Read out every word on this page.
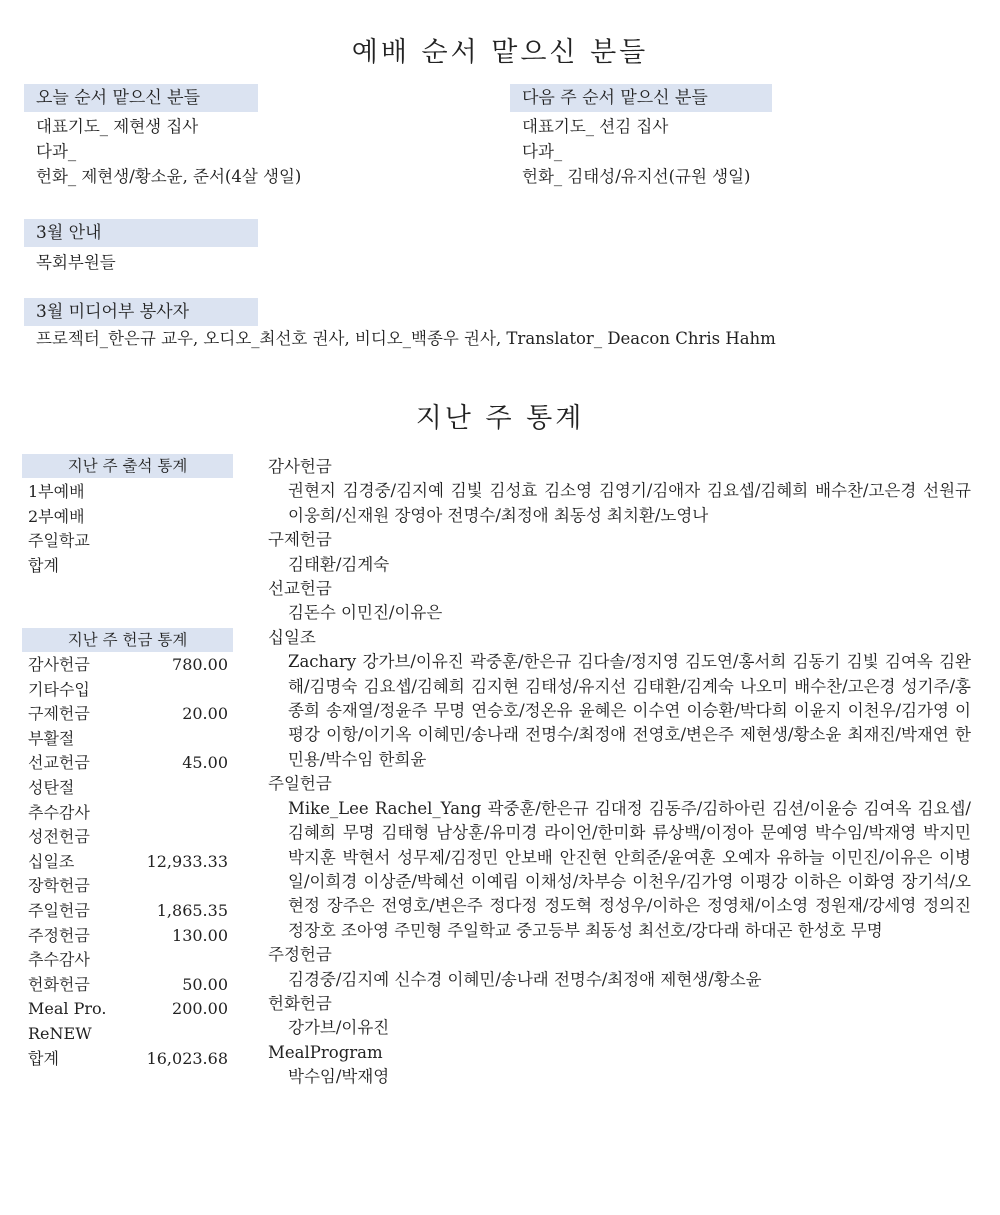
예배 순서 맡으신 분들
오늘 순서 맡으신 분들
대표기도_ 제현생 집사
다과_
헌화_ 제현생/황소윤, 준서(4살 생일)
다음 주 순서 맡으신 분들
대표기도_ 션김 집사
다과_
헌화_ 김태성/유지선(규원 생일)
3월 안내
목회부원들
3월 미디어부 봉사자
프로젝터_한은규 교우, 오디오_최선호 권사, 비디오_백종우 권사, Translator_ Deacon Chris Hahm
지난 주 통계
지난 주 출석 통계
1부예배
2부예배
주일학교
합계
지난 주 헌금 통계
감사헌금	780.00
기타수입	
구제헌금	20.00
부활절	
선교헌금	45.00
성탄절	
추수감사	
성전헌금	
십일조	12,933.33
장학헌금	
주일헌금	1,865.35
주정헌금	130.00
추수감사	
헌화헌금	50.00
Meal Pro.	200.00
ReNEW	
합계	16,023.68
감사헌금
권현지 김경중/김지예 김빛 김성효 김소영 김영기/김애자 김요셉/김혜희 배수찬/고은경 선원규 이웅희/신재원 장영아 전명수/최정애 최동성 최치환/노영나
구제헌금
김태환/김계숙
선교헌금
김돈수 이민진/이유은
십일조
Zachary 강가브/이유진 곽중훈/한은규 김다솔/정지영 김도연/홍서희 김동기 김빛 김여옥 김완해/김명숙 김요셉/김혜희 김지현 김태성/유지선 김태환/김계숙 나오미 배수찬/고은경 성기주/홍종희 송재열/정윤주 무명 연승호/정온유 윤혜은 이수연 이승환/박다희 이윤지 이천우/김가영 이평강 이항/이기옥 이혜민/송나래 전명수/최정애 전영호/변은주 제현생/황소윤 최재진/박재연 한민용/박수임 한희윤
주일헌금
Mike_Lee Rachel_Yang 곽중훈/한은규 김대정 김동주/김하아린 김션/이윤승 김여옥 김요셉/김혜희 무명 김태형 남상훈/유미경 라이언/한미화 류상백/이정아 문예영 박수임/박재영 박지민 박지훈 박현서 성무제/김정민 안보배 안진현 안희준/윤여훈 오예자 유하늘 이민진/이유은 이병일/이희경 이상준/박혜선 이예림 이채성/차부승 이천우/김가영 이평강 이하은 이화영 장기석/오현정 장주은 전영호/변은주 정다정 정도혁 정성우/이하은 정영채/이소영 정원재/강세영 정의진 정장호 조아영 주민형 주일학교 중고등부 최동성 최선호/강다래 하대곤 한성호 무명
주정헌금
김경중/김지예 신수경 이혜민/송나래 전명수/최정애 제현생/황소윤
헌화헌금
강가브/이유진
MealProgram
박수임/박재영
